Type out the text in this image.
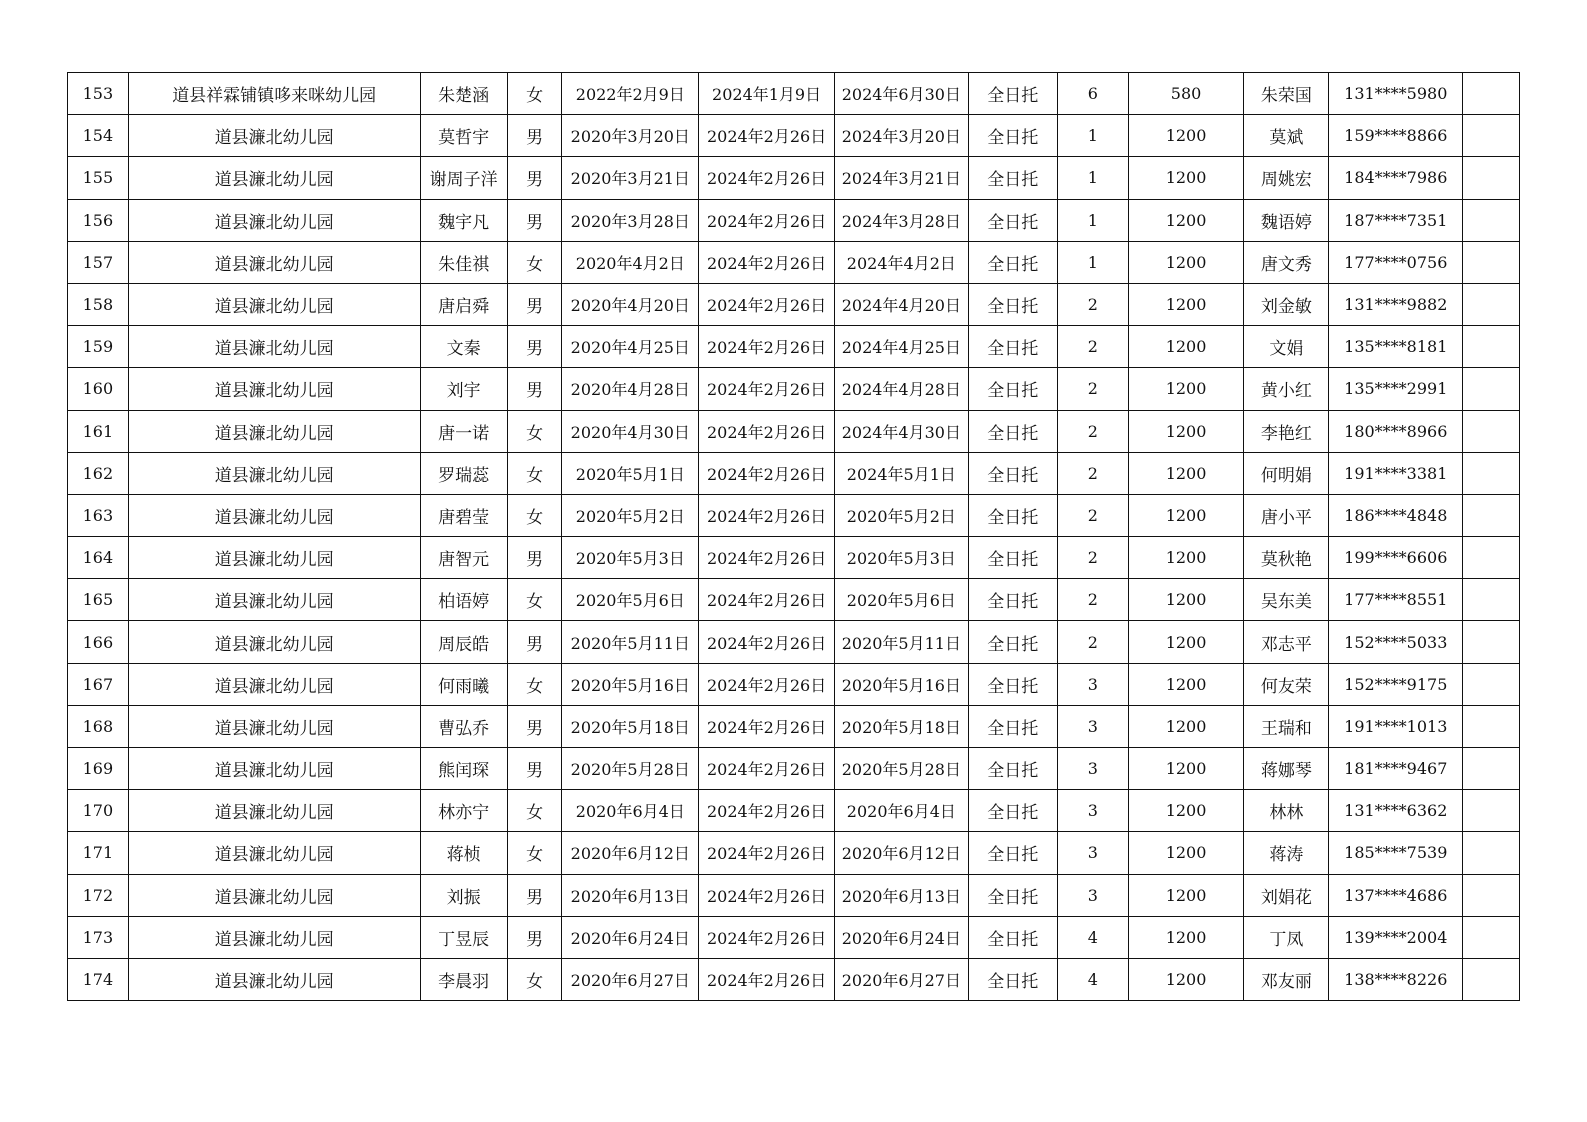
153	道县祥霖铺镇哆来咪幼儿园	朱楚涵	女	2022年2月9日	2024年1月9日	2024年6月30日	全日托	6	580	朱荣国	131****5980	
154	道县濂北幼儿园	莫哲宇	男	2020年3月20日	2024年2月26日	2024年3月20日	全日托	1	1200	莫斌	159****8866	
155	道县濂北幼儿园	谢周子洋	男	2020年3月21日	2024年2月26日	2024年3月21日	全日托	1	1200	周姚宏	184****7986	
156	道县濂北幼儿园	魏宇凡	男	2020年3月28日	2024年2月26日	2024年3月28日	全日托	1	1200	魏语婷	187****7351	
157	道县濂北幼儿园	朱佳祺	女	2020年4月2日	2024年2月26日	2024年4月2日	全日托	1	1200	唐文秀	177****0756	
158	道县濂北幼儿园	唐启舜	男	2020年4月20日	2024年2月26日	2024年4月20日	全日托	2	1200	刘金敏	131****9882	
159	道县濂北幼儿园	文秦	男	2020年4月25日	2024年2月26日	2024年4月25日	全日托	2	1200	文娟	135****8181	
160	道县濂北幼儿园	刘宇	男	2020年4月28日	2024年2月26日	2024年4月28日	全日托	2	1200	黄小红	135****2991	
161	道县濂北幼儿园	唐一诺	女	2020年4月30日	2024年2月26日	2024年4月30日	全日托	2	1200	李艳红	180****8966	
162	道县濂北幼儿园	罗瑞蕊	女	2020年5月1日	2024年2月26日	2024年5月1日	全日托	2	1200	何明娟	191****3381	
163	道县濂北幼儿园	唐碧莹	女	2020年5月2日	2024年2月26日	2020年5月2日	全日托	2	1200	唐小平	186****4848	
164	道县濂北幼儿园	唐智元	男	2020年5月3日	2024年2月26日	2020年5月3日	全日托	2	1200	莫秋艳	199****6606	
165	道县濂北幼儿园	柏语婷	女	2020年5月6日	2024年2月26日	2020年5月6日	全日托	2	1200	吴东美	177****8551	
166	道县濂北幼儿园	周辰皓	男	2020年5月11日	2024年2月26日	2020年5月11日	全日托	2	1200	邓志平	152****5033	
167	道县濂北幼儿园	何雨曦	女	2020年5月16日	2024年2月26日	2020年5月16日	全日托	3	1200	何友荣	152****9175	
168	道县濂北幼儿园	曹弘乔	男	2020年5月18日	2024年2月26日	2020年5月18日	全日托	3	1200	王瑞和	191****1013	
169	道县濂北幼儿园	熊闰琛	男	2020年5月28日	2024年2月26日	2020年5月28日	全日托	3	1200	蒋娜琴	181****9467	
170	道县濂北幼儿园	林亦宁	女	2020年6月4日	2024年2月26日	2020年6月4日	全日托	3	1200	林林	131****6362	
171	道县濂北幼儿园	蒋桢	女	2020年6月12日	2024年2月26日	2020年6月12日	全日托	3	1200	蒋涛	185****7539	
172	道县濂北幼儿园	刘振	男	2020年6月13日	2024年2月26日	2020年6月13日	全日托	3	1200	刘娟花	137****4686	
173	道县濂北幼儿园	丁昱辰	男	2020年6月24日	2024年2月26日	2020年6月24日	全日托	4	1200	丁凤	139****2004	
174	道县濂北幼儿园	李晨羽	女	2020年6月27日	2024年2月26日	2020年6月27日	全日托	4	1200	邓友丽	138****8226	
